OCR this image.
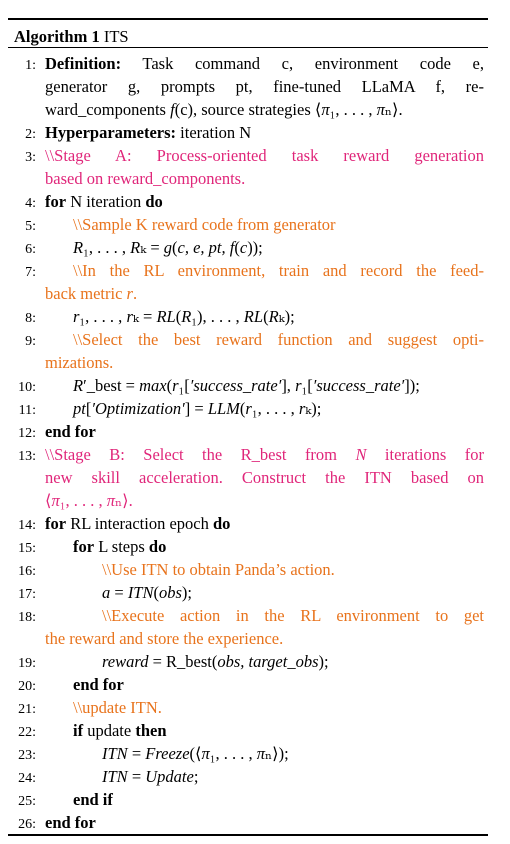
Algorithm 1 ITS
1: Definition: Task command c, environment code e,
generator g, prompts pt, fine-tuned LLaMA f, re-
ward_components f(c), source strategies ⟨π₁, . . . , πₙ⟩.
2: Hyperparameters: iteration N
3: \\Stage A: Process-oriented task reward generation
based on reward_components.
4: for N iteration do
5: \\Sample K reward code from generator
6: R₁, . . . , Rₖ = g(c, e, pt, f(c));
7: \\In the RL environment, train and record the feed-
back metric r.
8: r₁, . . . , rₖ = RL(R₁), . . . , RL(Rₖ);
9: \\Select the best reward function and suggest opti-
mizations.
10: R′_best = max(r₁[′success_rate′], r₁[′success_rate′]);
11: pt[′Optimization′] = LLM(r₁, . . . , rₖ);
12: end for
13: \\Stage B: Select the R_best from N iterations for
new skill acceleration. Construct the ITN based on
⟨π₁, . . . , πₙ⟩.
14: for RL interaction epoch do
15: for L steps do
16:	\\Use ITN to obtain Panda’s action.
17:	a = ITN(obs);
18:	\\Execute action in the RL environment to get
the reward and store the experience.
19:	reward = R_best(obs, target_obs);
20: end for
21: \\update ITN.
22: if update then
23:	ITN = Freeze(⟨π₁, . . . , πₙ⟩);
24:	ITN = Update;
25: end if
26: end for
